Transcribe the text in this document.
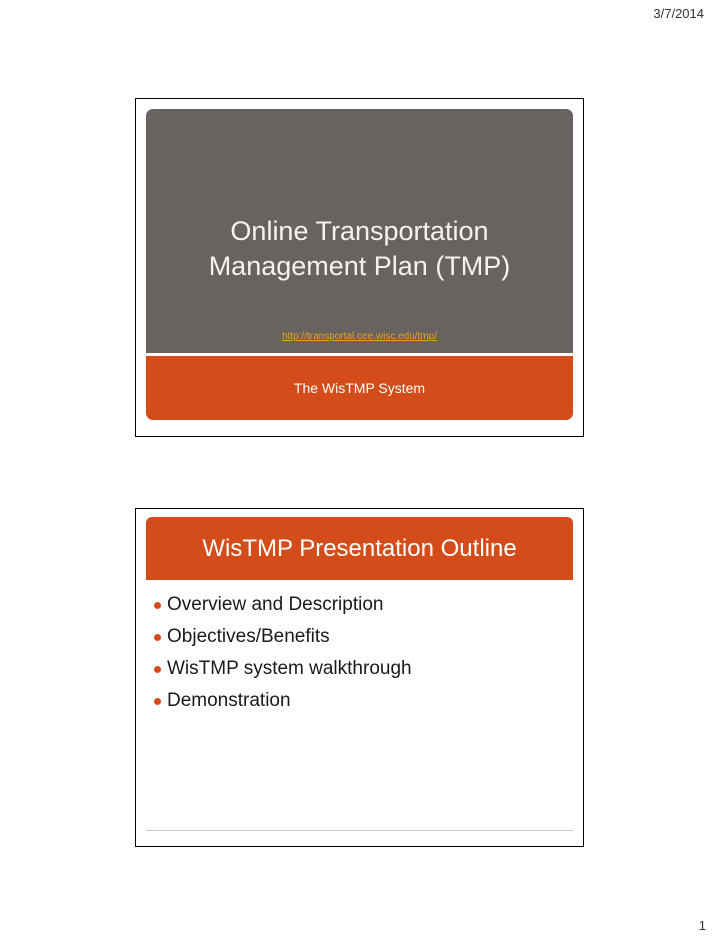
3/7/2014
Online Transportation
Management Plan (TMP)
http://transportal.cee.wisc.edu/tmp/
The WisTMP System
WisTMP Presentation Outline
Overview and Description
Objectives/Benefits
WisTMP system walkthrough
Demonstration
1
